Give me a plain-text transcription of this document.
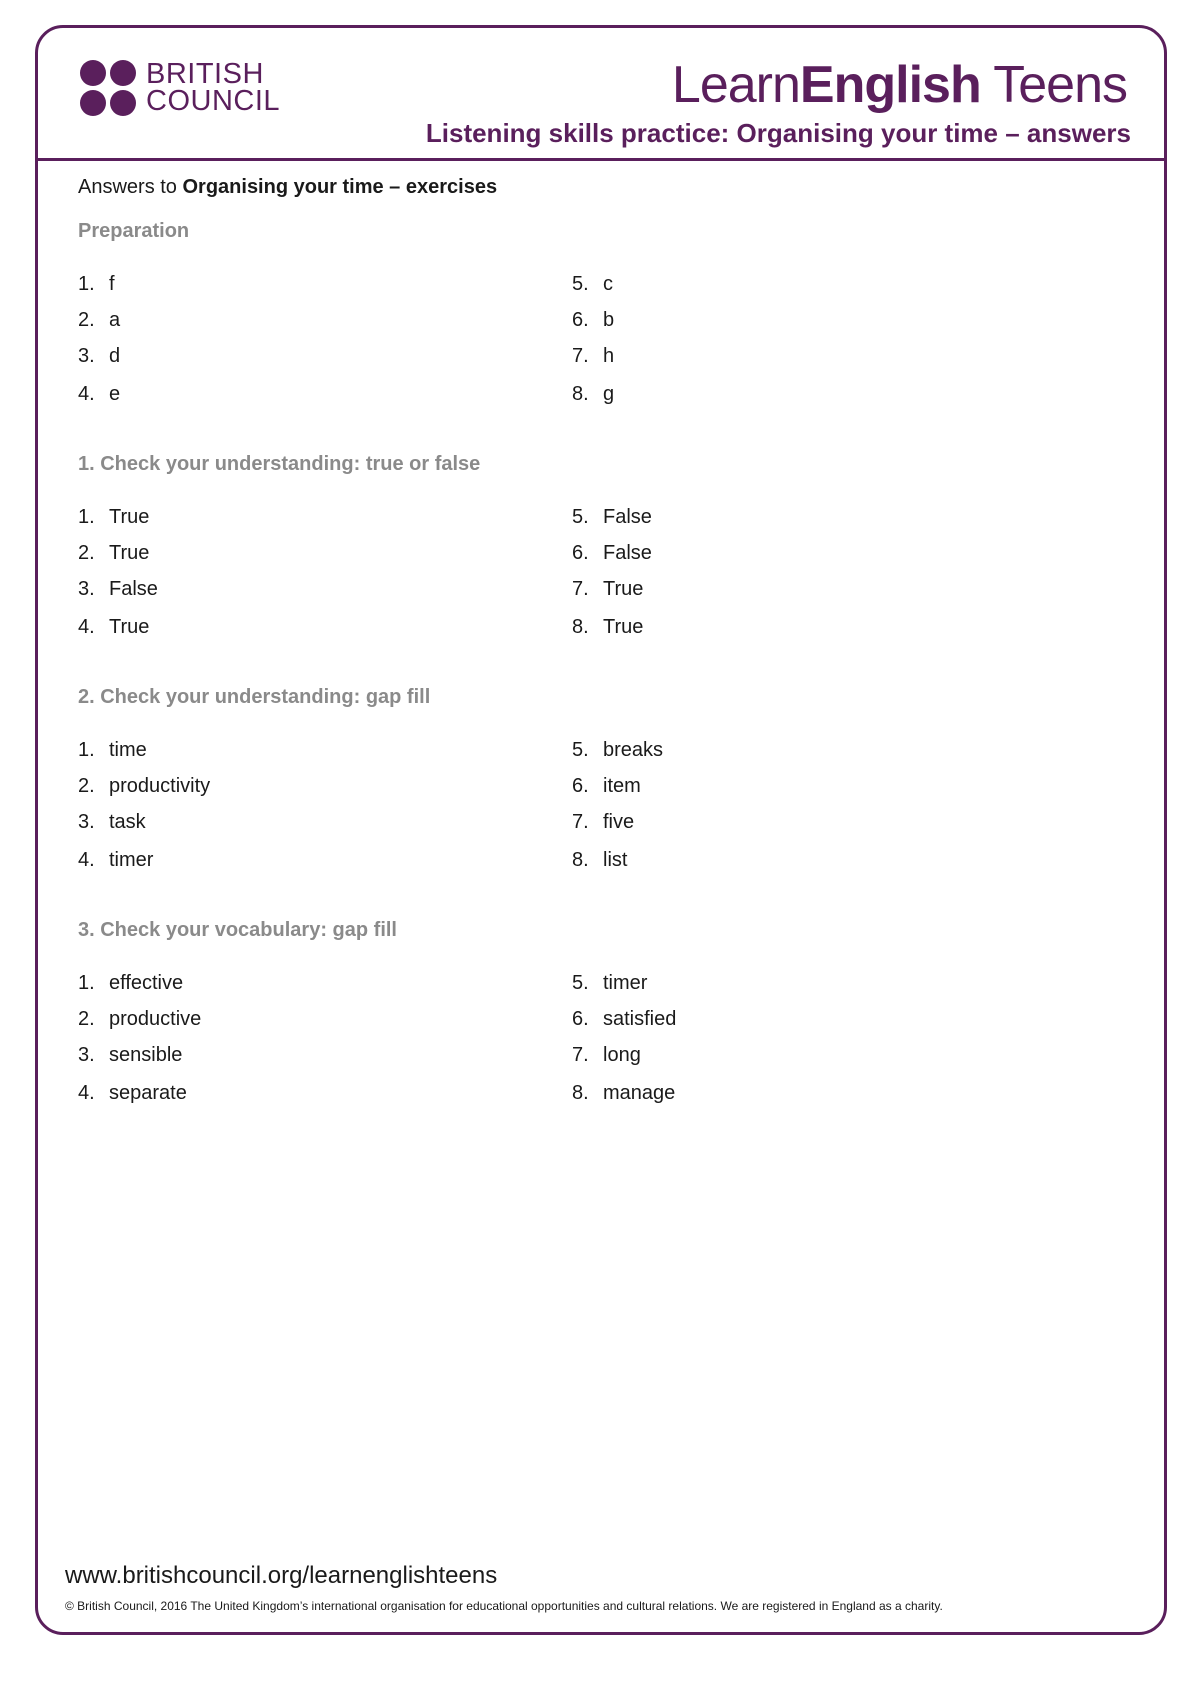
BRITISH
COUNCIL	LearnEnglish Teens
Listening skills practice: Organising your time – answers
Answers to Organising your time – exercises
Preparation
1. f
2. a
3. d
4. e
5. c
6. b
7. h
8. g
1. Check your understanding: true or false
1. True
2. True
3. False
4. True
5. False
6. False
7. True
8. True
2. Check your understanding: gap fill
1. time
2. productivity
3. task
4. timer
5. breaks
6. item
7. five
8. list
3. Check your vocabulary: gap fill
1. effective
2. productive
3. sensible
4. separate
5. timer
6. satisfied
7. long
8. manage
www.britishcouncil.org/learnenglishteens
© British Council, 2016 The United Kingdom’s international organisation for educational opportunities and cultural relations. We are registered in England as a charity.
